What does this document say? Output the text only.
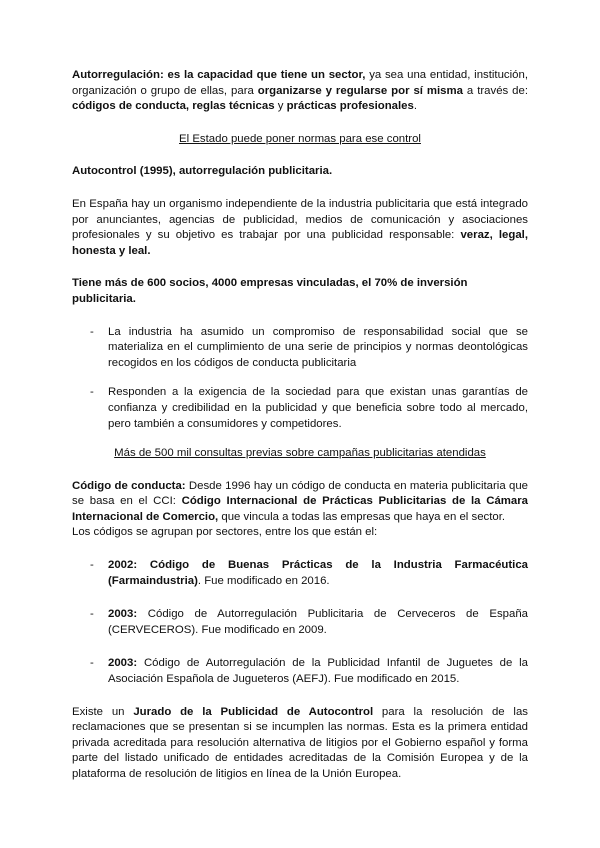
Autorregulación: es la capacidad que tiene un sector, ya sea una entidad, institución, organización o grupo de ellas, para organizarse y regularse por sí misma a través de: códigos de conducta, reglas técnicas y prácticas profesionales.

El Estado puede poner normas para ese control

Autocontrol (1995), autorregulación publicitaria.

En España hay un organismo independiente de la industria publicitaria que está integrado por anunciantes, agencias de publicidad, medios de comunicación y asociaciones profesionales y su objetivo es trabajar por una publicidad responsable: veraz, legal, honesta y leal.

Tiene más de 600 socios, 4000 empresas vinculadas, el 70% de inversión publicitaria.

- La industria ha asumido un compromiso de responsabilidad social que se materializa en el cumplimiento de una serie de principios y normas deontológicas recogidos en los códigos de conducta publicitaria
- Responden a la exigencia de la sociedad para que existan unas garantías de confianza y credibilidad en la publicidad y que beneficia sobre todo al mercado, pero también a consumidores y competidores.

Más de 500 mil consultas previas sobre campañas publicitarias atendidas

Código de conducta: Desde 1996 hay un código de conducta en materia publicitaria que se basa en el CCI: Código Internacional de Prácticas Publicitarias de la Cámara Internacional de Comercio, que vincula a todas las empresas que haya en el sector.

Los códigos se agrupan por sectores, entre los que están el:

- 2002: Código de Buenas Prácticas de la Industria Farmacéutica (Farmaindustria). Fue modificado en 2016.
- 2003: Código de Autorregulación Publicitaria de Cerveceros de España (CERVECEROS). Fue modificado en 2009.
- 2003: Código de Autorregulación de la Publicidad Infantil de Juguetes de la Asociación Española de Jugueteros (AEFJ). Fue modificado en 2015.

Existe un Jurado de la Publicidad de Autocontrol para la resolución de las reclamaciones que se presentan si se incumplen las normas. Esta es la primera entidad privada acreditada para resolución alternativa de litigios por el Gobierno español y forma parte del listado unificado de entidades acreditadas de la Comisión Europea y de la plataforma de resolución de litigios en línea de la Unión Europea.
